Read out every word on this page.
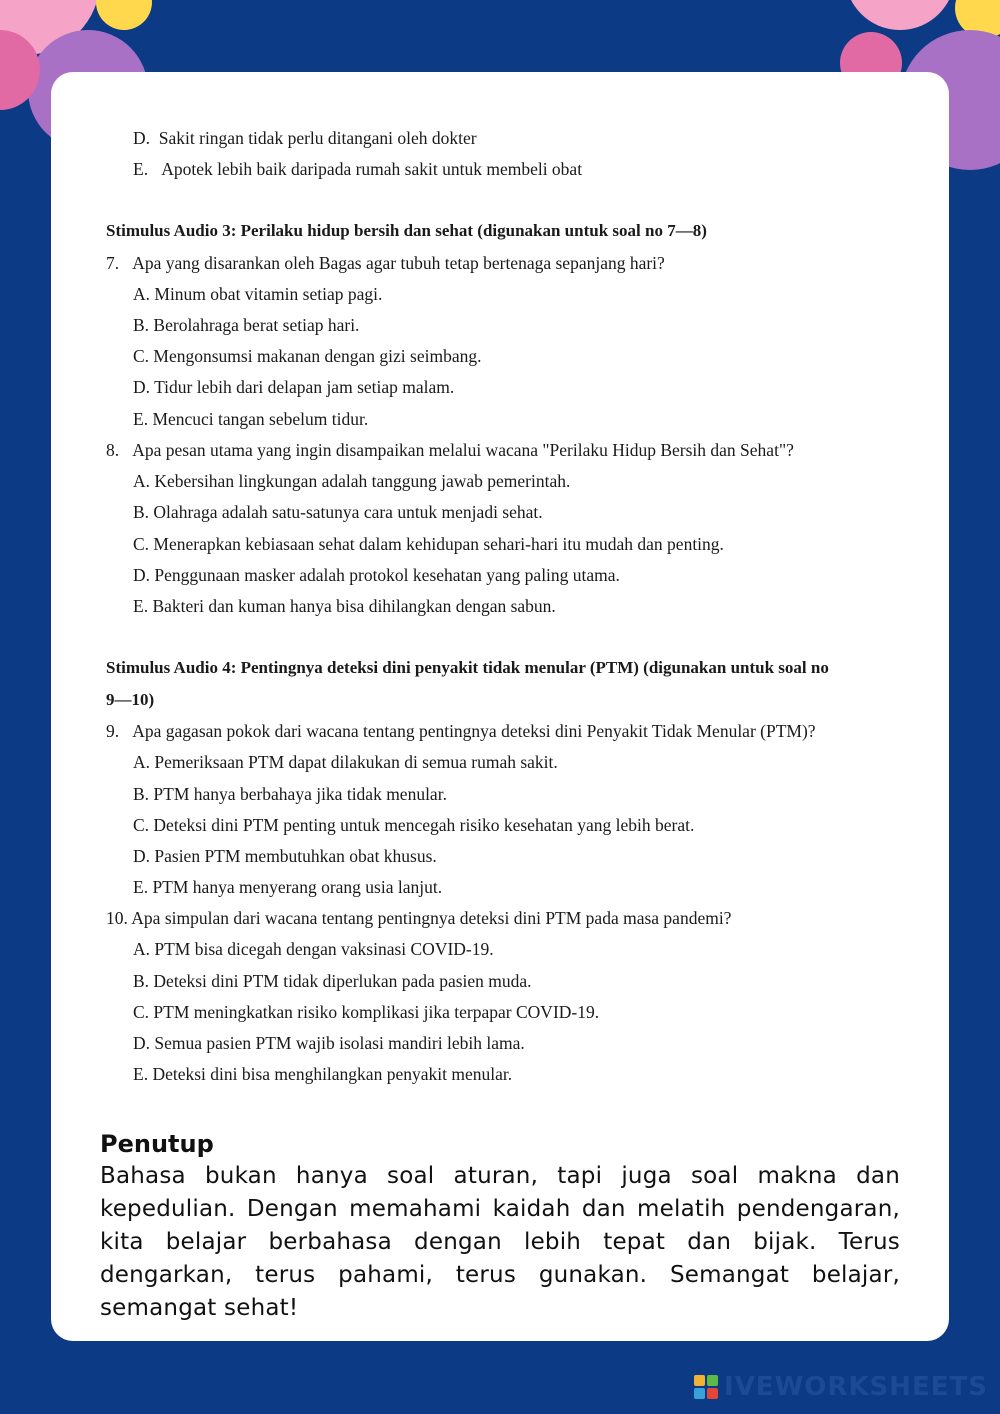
D. Sakit ringan tidak perlu ditangani oleh dokter

E. Apotek lebih baik daripada rumah sakit untuk membeli obat

Stimulus Audio 3: Perilaku hidup bersih dan sehat (digunakan untuk soal no 7—8)

7.   Apa yang disarankan oleh Bagas agar tubuh tetap bertenaga sepanjang hari?

A. Minum obat vitamin setiap pagi.

B. Berolahraga berat setiap hari.

C. Mengonsumsi makanan dengan gizi seimbang.

D. Tidur lebih dari delapan jam setiap malam.

E. Mencuci tangan sebelum tidur.

8.   Apa pesan utama yang ingin disampaikan melalui wacana "Perilaku Hidup Bersih dan Sehat"?

A. Kebersihan lingkungan adalah tanggung jawab pemerintah.

B. Olahraga adalah satu-satunya cara untuk menjadi sehat.

C. Menerapkan kebiasaan sehat dalam kehidupan sehari-hari itu mudah dan penting.

D. Penggunaan masker adalah protokol kesehatan yang paling utama.

E. Bakteri dan kuman hanya bisa dihilangkan dengan sabun.

Stimulus Audio 4: Pentingnya deteksi dini penyakit tidak menular (PTM) (digunakan untuk soal no

9—10)

9.   Apa gagasan pokok dari wacana tentang pentingnya deteksi dini Penyakit Tidak Menular (PTM)?

A. Pemeriksaan PTM dapat dilakukan di semua rumah sakit.

B. PTM hanya berbahaya jika tidak menular.

C. Deteksi dini PTM penting untuk mencegah risiko kesehatan yang lebih berat.

D. Pasien PTM membutuhkan obat khusus.

E. PTM hanya menyerang orang usia lanjut.

10. Apa simpulan dari wacana tentang pentingnya deteksi dini PTM pada masa pandemi?

A. PTM bisa dicegah dengan vaksinasi COVID-19.

B. Deteksi dini PTM tidak diperlukan pada pasien muda.

C. PTM meningkatkan risiko komplikasi jika terpapar COVID-19.

D. Semua pasien PTM wajib isolasi mandiri lebih lama.

E. Deteksi dini bisa menghilangkan penyakit menular.

Penutup

Bahasa bukan hanya soal aturan, tapi juga soal makna dan kepedulian. Dengan memahami kaidah dan melatih pendengaran, kita belajar berbahasa dengan lebih tepat dan bijak. Terus dengarkan, terus pahami, terus gunakan. Semangat belajar, semangat sehat!

IVEWORKSHEETS
